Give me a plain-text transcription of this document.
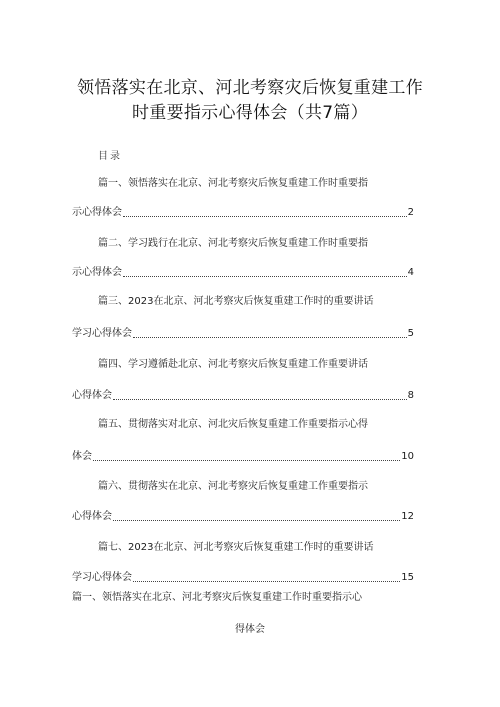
领悟落实在北京、河北考察灾后恢复重建工作
时重要指示心得体会（共7篇）
目录
篇一、领悟落实在北京、河北考察灾后恢复重建工作时重要指
示心得体会	2
篇二、学习践行在北京、河北考察灾后恢复重建工作时重要指
示心得体会	4
篇三、2023在北京、河北考察灾后恢复重建工作时的重要讲话
学习心得体会	5
篇四、学习遵循赴北京、河北考察灾后恢复重建工作重要讲话
心得体会	8
篇五、贯彻落实对北京、河北灾后恢复重建工作重要指示心得
体会	10
篇六、贯彻落实在北京、河北考察灾后恢复重建工作重要指示
心得体会	12
篇七、2023在北京、河北考察灾后恢复重建工作时的重要讲话
学习心得体会	15
篇一、领悟落实在北京、河北考察灾后恢复重建工作时重要指示心
得体会
